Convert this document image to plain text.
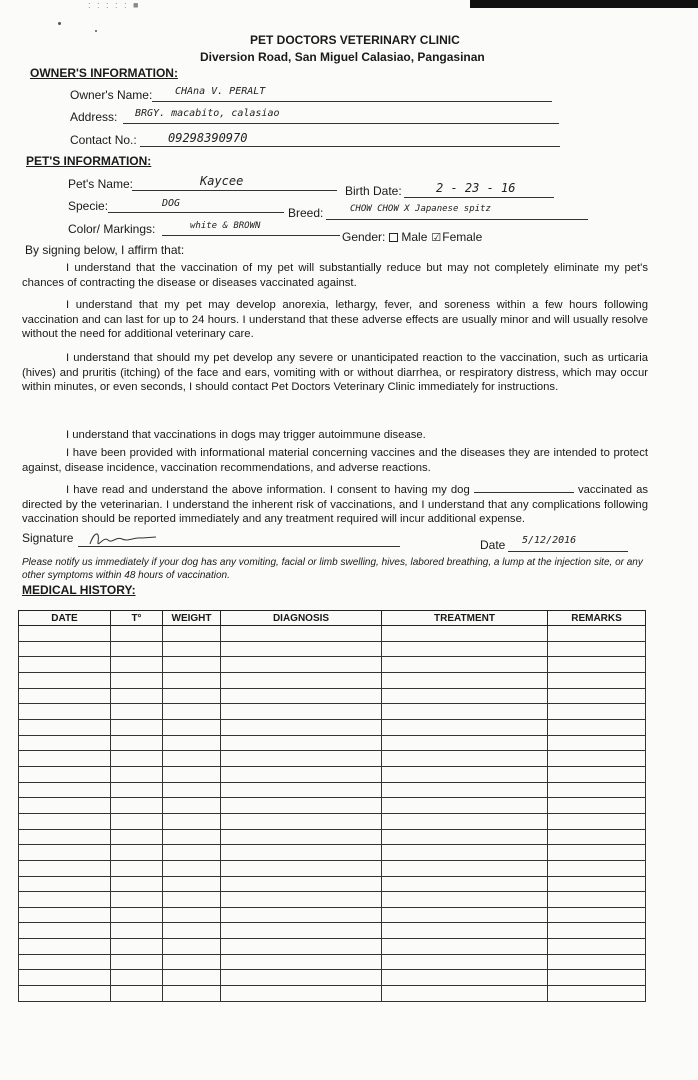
: : : : : ■
PET DOCTORS VETERINARY CLINIC
Diversion Road, San Miguel Calasiao, Pangasinan
OWNER'S INFORMATION:
Owner's Name: CHAna V. PERALT
Address: BRGY. macabito, calasiao
Contact No.:	09298390970
PET'S INFORMATION:
Pet's Name:	Kaycee
Birth Date:	2 - 23 - 16
Specie:	DOG
Breed:	CHOW CHOW X Japanese spitz
Color/ Markings:	white & BROWN
Gender: Male ☑Female
By signing below, I affirm that:
I understand that the vaccination of my pet will substantially reduce but may not completely eliminate my pet's chances of contracting the disease or diseases vaccinated against.
I understand that my pet may develop anorexia, lethargy, fever, and soreness within a few hours following vaccination and can last for up to 24 hours. I understand that these adverse effects are usually minor and will usually resolve without the need for additional veterinary care.
I understand that should my pet develop any severe or unanticipated reaction to the vaccination, such as urticaria (hives) and pruritis (itching) of the face and ears, vomiting with or without diarrhea, or respiratory distress, which may occur within minutes, or even seconds, I should contact Pet Doctors Veterinary Clinic immediately for instructions.
I understand that vaccinations in dogs may trigger autoimmune disease.
I have been provided with informational material concerning vaccines and the diseases they are intended to protect against, disease incidence, vaccination recommendations, and adverse reactions.
I have read and understand the above information. I consent to having my dog	vaccinated as directed by the veterinarian. I understand the inherent risk of vaccinations, and I understand that any complications following vaccination should be reported immediately and any treatment required will incur additional expense.
Signature	Date 5/12/2016
Please notify us immediately if your dog has any vomiting, facial or limb swelling, hives, labored breathing, a lump at the injection site, or any other symptoms within 48 hours of vaccination.
MEDICAL HISTORY:
DATE	T°	WEIGHT	DIAGNOSIS	TREATMENT	REMARKS
